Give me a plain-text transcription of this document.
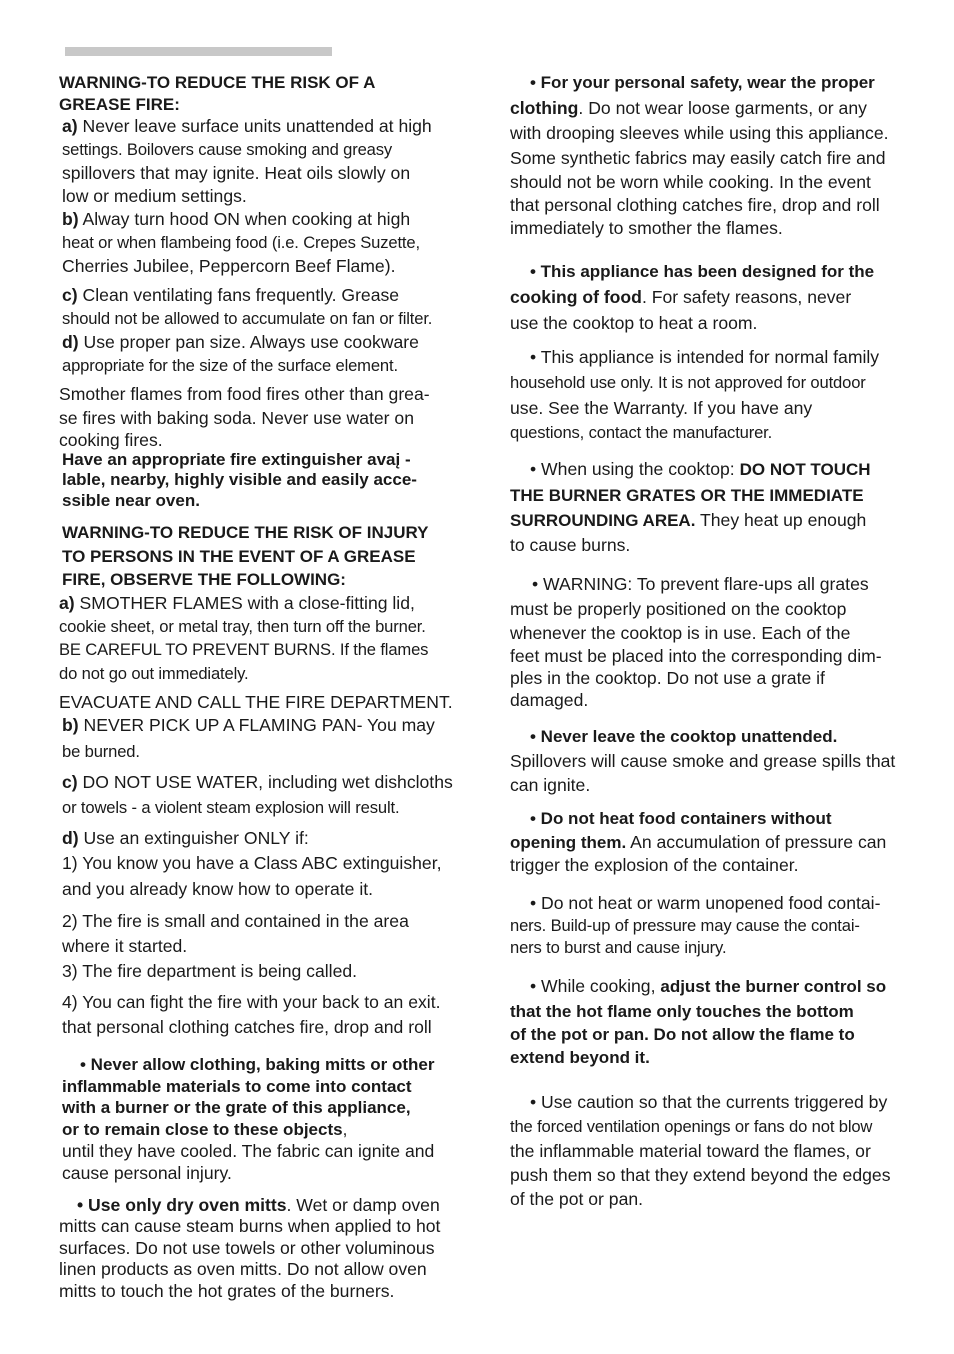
WARNING-TO REDUCE THE RISK OF A

GREASE FIRE:

a) Never leave surface units unattended at high

settings. Boilovers cause smoking and greasy

spillovers that may ignite. Heat oils slowly on

low or medium settings.

b) Alway turn hood ON when cooking at high

heat or when flambeing food (i.e. Crepes Suzette,

Cherries Jubilee, Peppercorn Beef Flame).

c) Clean ventilating fans frequently. Grease

should not be allowed to accumulate on fan or filter.

d) Use proper pan size. Always use cookware

appropriate for the size of the surface element.

Smother flames from food fires other than grea-

se fires with baking soda. Never use water on

cooking fires.

Have an appropriate fire extinguisher avaį -

lable, nearby, highly visible and easily acce-

ssible near oven.

WARNING-TO REDUCE THE RISK OF INJURY

TO PERSONS IN THE EVENT OF A GREASE

FIRE, OBSERVE THE FOLLOWING:

a) SMOTHER FLAMES with a close-fitting lid,

cookie sheet, or metal tray, then turn off the burner.

BE CAREFUL TO PREVENT BURNS. If the flames

do not go out immediately.

EVACUATE AND CALL THE FIRE DEPARTMENT.

b) NEVER PICK UP A FLAMING PAN- You may

be burned.

c) DO NOT USE WATER, including wet dishcloths

or towels - a violent steam explosion will result.

d) Use an extinguisher ONLY if:

1) You know you have a Class ABC extinguisher,

and you already know how to operate it.

2) The fire is small and contained in the area

where it started.

3) The fire department is being called.

4) You can fight the fire with your back to an exit.

that personal clothing catches fire, drop and roll

• Never allow clothing, baking mitts or other

inflammable materials to come into contact

with a burner or the grate of this appliance,

or to remain close to these objects,

until they have cooled. The fabric can ignite and

cause personal injury.

• Use only dry oven mitts. Wet or damp oven

mitts can cause steam burns when applied to hot

surfaces. Do not use towels or other voluminous

linen products as oven mitts. Do not allow oven

mitts to touch the hot grates of the burners.

• For your personal safety, wear the proper

clothing. Do not wear loose garments, or any

with drooping sleeves while using this appliance.

Some synthetic fabrics may easily catch fire and

should not be worn while cooking. In the event

that personal clothing catches fire, drop and roll

immediately to smother the flames.

• This appliance has been designed for the

cooking of food. For safety reasons, never

use the cooktop to heat a room.

• This appliance is intended for normal family

household use only. It is not approved for outdoor

use. See the Warranty. If you have any

questions, contact the manufacturer.

• When using the cooktop: DO NOT TOUCH

THE BURNER GRATES OR THE IMMEDIATE

SURROUNDING AREA. They heat up enough

to cause burns.

• WARNING: To prevent flare-ups all grates

must be properly positioned on the cooktop

whenever the cooktop is in use. Each of the

feet must be placed into the corresponding dim-

ples in the cooktop. Do not use a grate if

damaged.

• Never leave the cooktop unattended.

Spillovers will cause smoke and grease spills that

can ignite.

• Do not heat food containers without

opening them. An accumulation of pressure can

trigger the explosion of the container.

• Do not heat or warm unopened food contai-

ners. Build-up of pressure may cause the contai-

ners to burst and cause injury.

• While cooking, adjust the burner control so

that the hot flame only touches the bottom

of the pot or pan. Do not allow the flame to

extend beyond it.

• Use caution so that the currents triggered by

the forced ventilation openings or fans do not blow

the inflammable material toward the flames, or

push them so that they extend beyond the edges

of the pot or pan.
